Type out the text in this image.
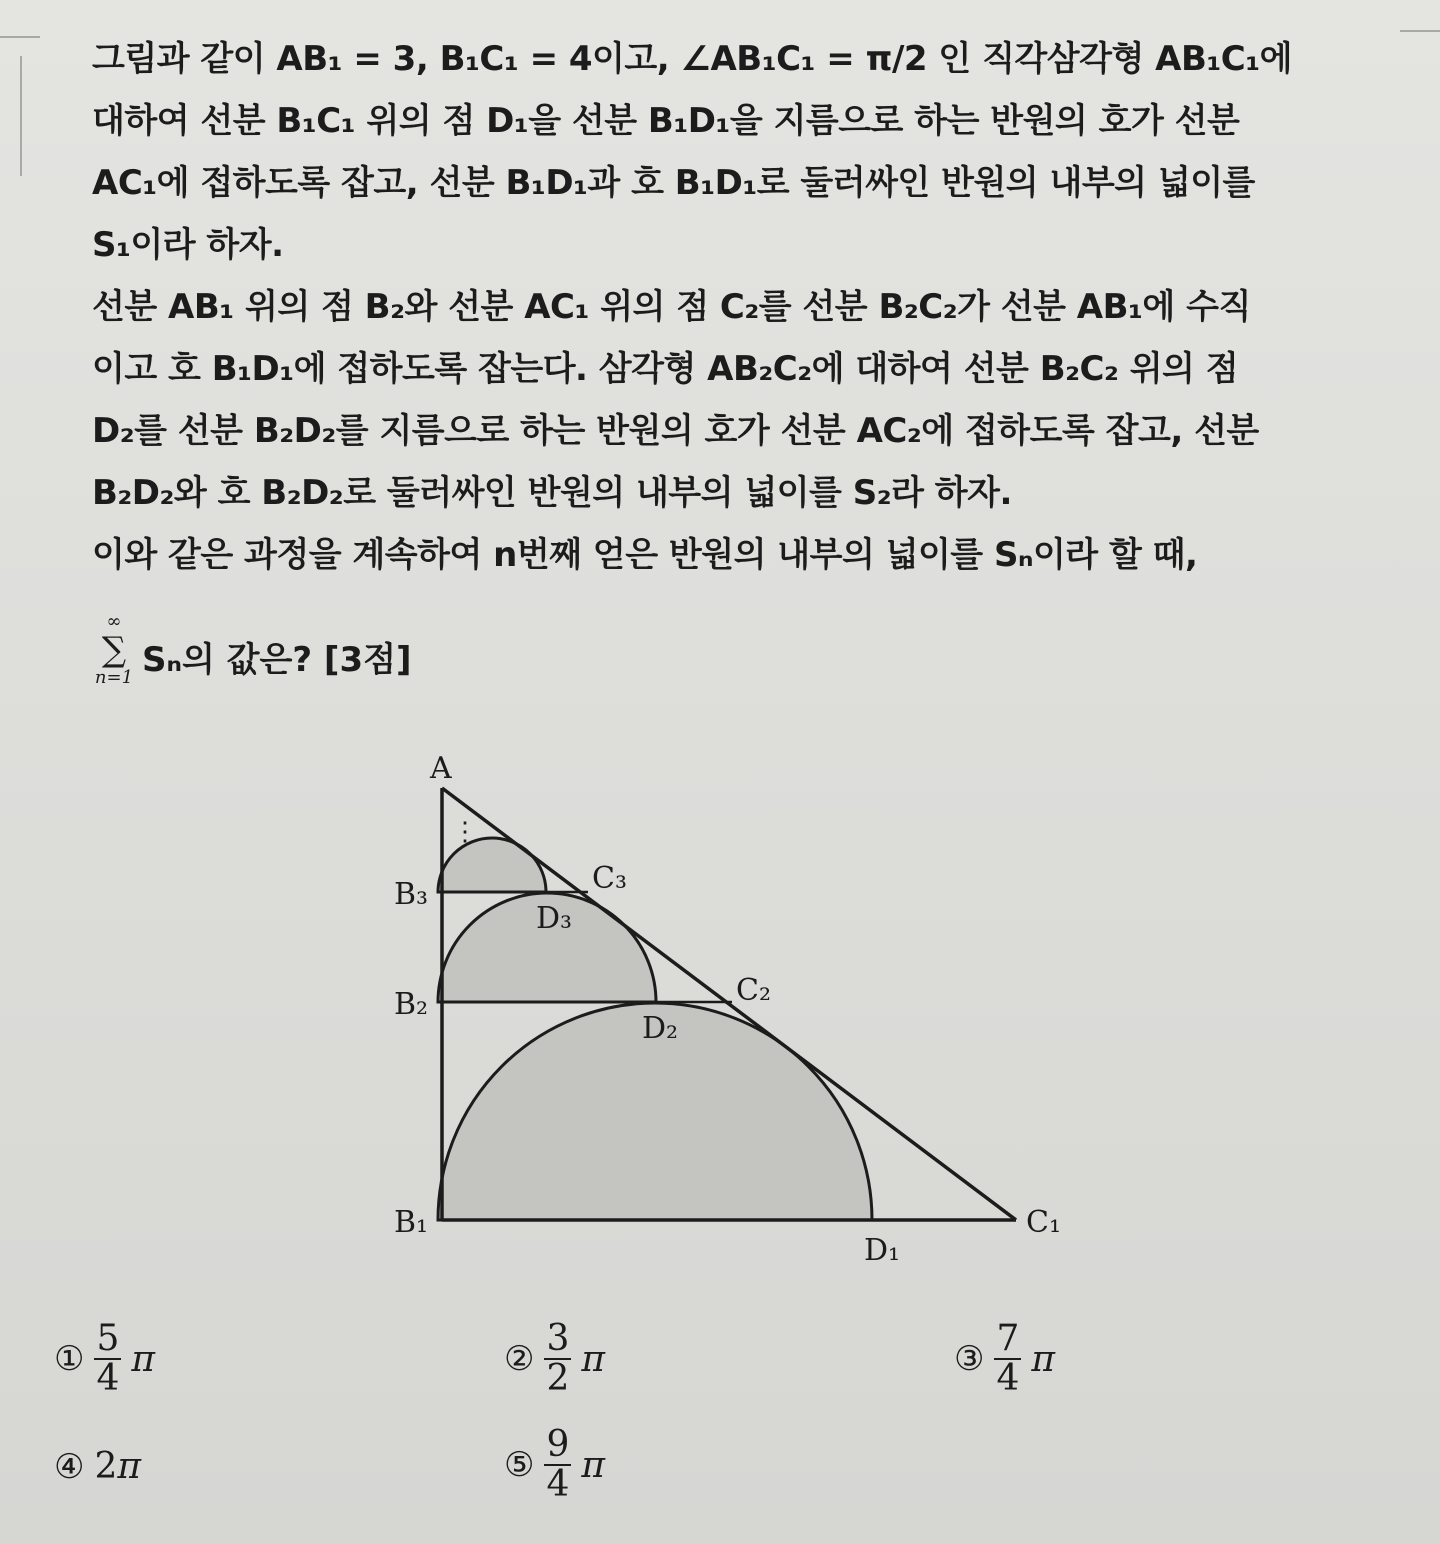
그림과 같이 AB₁ = 3, B₁C₁ = 4이고, ∠AB₁C₁ = π/2 인 직각삼각형 AB₁C₁에
대하여 선분 B₁C₁ 위의 점 D₁을 선분 B₁D₁을 지름으로 하는 반원의 호가 선분
AC₁에 접하도록 잡고, 선분 B₁D₁과 호 B₁D₁로 둘러싸인 반원의 내부의 넓이를
S₁이라 하자.
선분 AB₁ 위의 점 B₂와 선분 AC₁ 위의 점 C₂를 선분 B₂C₂가 선분 AB₁에 수직
이고 호 B₁D₁에 접하도록 잡는다. 삼각형 AB₂C₂에 대하여 선분 B₂C₂ 위의 점
D₂를 선분 B₂D₂를 지름으로 하는 반원의 호가 선분 AC₂에 접하도록 잡고, 선분
B₂D₂와 호 B₂D₂로 둘러싸인 반원의 내부의 넓이를 S₂라 하자.
이와 같은 과정을 계속하여 n번째 얻은 반원의 내부의 넓이를 Sₙ이라 할 때,
∞
∑
n=1 Sₙ의 값은? [3점]
A
⋮
B₃	C₃
D₃
B₂	C₂
D₂
B₁	C₁
D₁
① $\frac{5}{4}$ π	② $\frac{3}{2}$ π	③ $\frac{7}{4}$ π
④ 2 π	⑤ $\frac{9}{4}$ π
